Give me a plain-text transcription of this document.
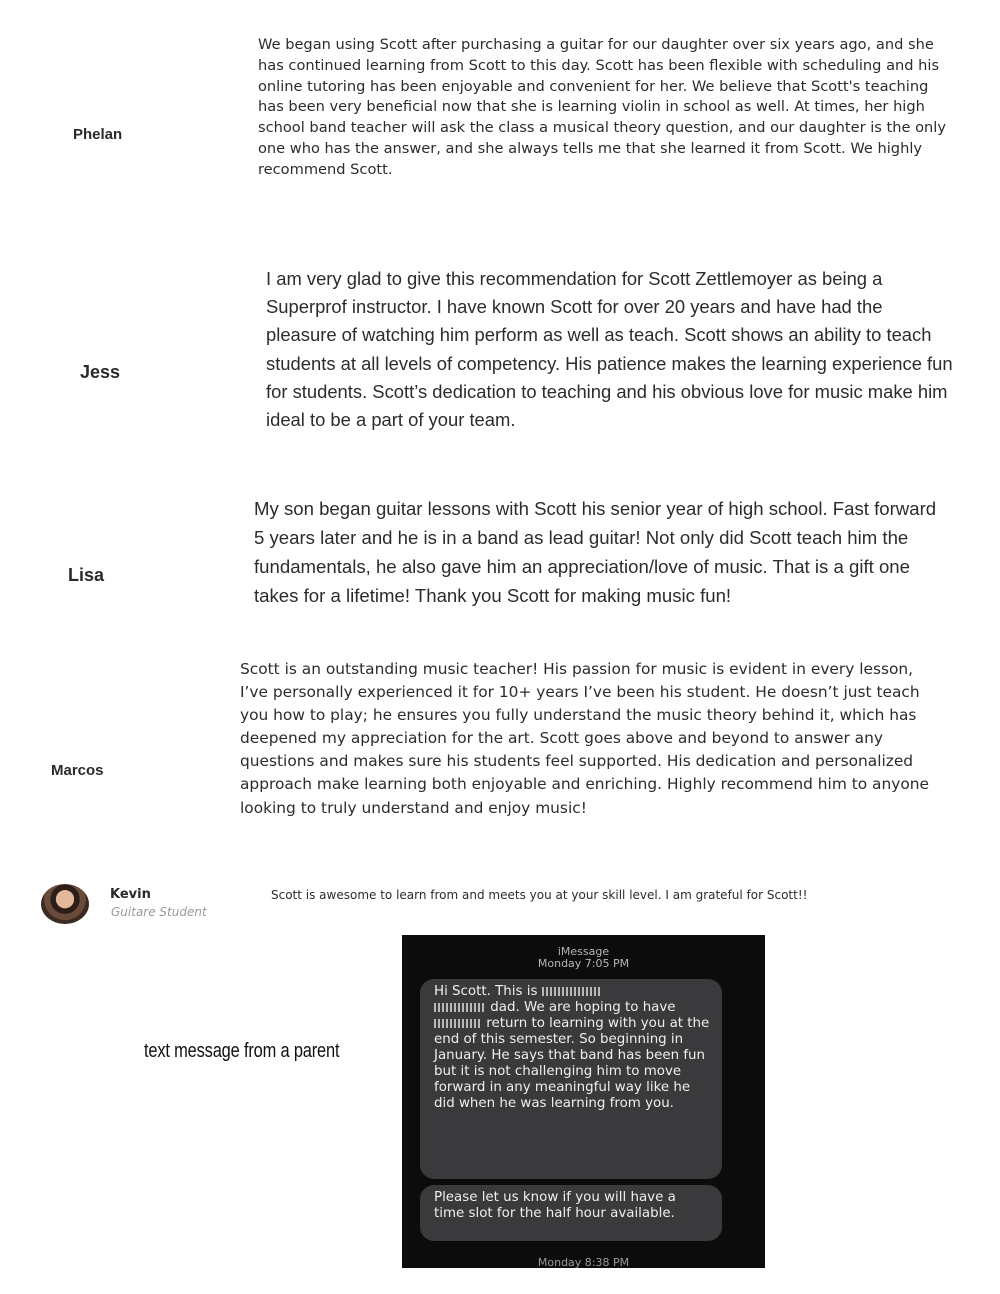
Phelan

We began using Scott after purchasing a guitar for our daughter over six years ago, and she has continued learning from Scott to this day. Scott has been flexible with scheduling and his online tutoring has been enjoyable and convenient for her. We believe that Scott's teaching has been very beneficial now that she is learning violin in school as well. At times, her high school band teacher will ask the class a musical theory question, and our daughter is the only one who has the answer, and she always tells me that she learned it from Scott. We highly recommend Scott.

Jess

I am very glad to give this recommendation for Scott Zettlemoyer as being a Superprof instructor. I have known Scott for over 20 years and have had the pleasure of watching him perform as well as teach. Scott shows an ability to teach students at all levels of competency. His patience makes the learning experience fun for students. Scott’s dedication to teaching and his obvious love for music make him ideal to be a part of your team.

Lisa

My son began guitar lessons with Scott his senior year of high school. Fast forward 5 years later and he is in a band as lead guitar! Not only did Scott teach him the fundamentals, he also gave him an appreciation/love of music. That is a gift one takes for a lifetime! Thank you Scott for making music fun!

Marcos

Scott is an outstanding music teacher! His passion for music is evident in every lesson, I’ve personally experienced it for 10+ years I’ve been his student. He doesn’t just teach you how to play; he ensures you fully understand the music theory behind it, which has deepened my appreciation for the art. Scott goes above and beyond to answer any questions and makes sure his students feel supported. His dedication and personalized approach make learning both enjoyable and enriching. Highly recommend him to anyone looking to truly understand and enjoy music!

Kevin
Guitare Student

Scott is awesome to learn from and meets you at your skill level. I am grateful for Scott!!

text message from a parent
iMessage
Monday 7:05 PM
Hi Scott. This is
dad. We are hoping to have  return to learning with you at the end of this semester. So beginning in January. He says that band has been fun but it is not challenging him to move forward in any meaningful way like he did when he was learning from you.
Please let us know if you will have a time slot for the half hour available.
Monday 8:38 PM
